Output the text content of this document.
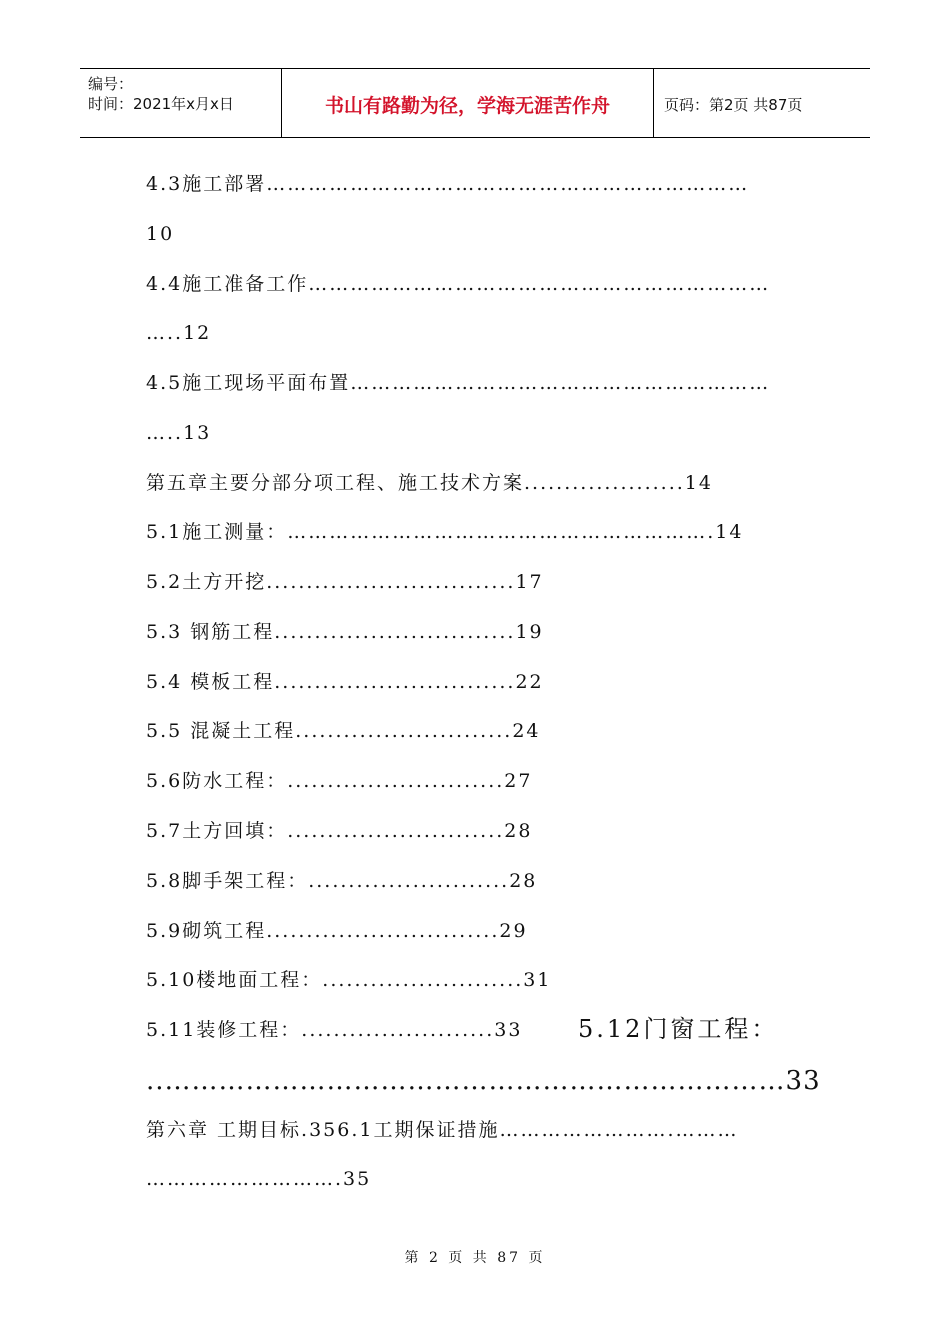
编号：
时间：2021年x月x日	书山有路勤为径，学海无涯苦作舟	页码：第2页 共87页
4.3施工部署……………………………………………………………
10
4.4施工准备工作…………………………………………………………
…..12
4.5施工现场平面布置……………………………………………………
…..13
第五章主要分部分项工程、施工技术方案....................14
5.1施工测量：…………………………………………………….14
5.2土方开挖...............................17
5.3 钢筋工程..............................19
5.4 模板工程..............................22
5.5 混凝土工程...........................24
5.6防水工程：...........................27
5.7土方回填：...........................28
5.8脚手架工程：.........................28
5.9砌筑工程.............................29
5.10楼地面工程：.........................31
5.11装修工程：........................33 5.12门窗工程：
..……………………………………………………………33
第六章 工期目标.356.1工期保证措施…………………….………
……………………….35
第 2 页 共 87 页
